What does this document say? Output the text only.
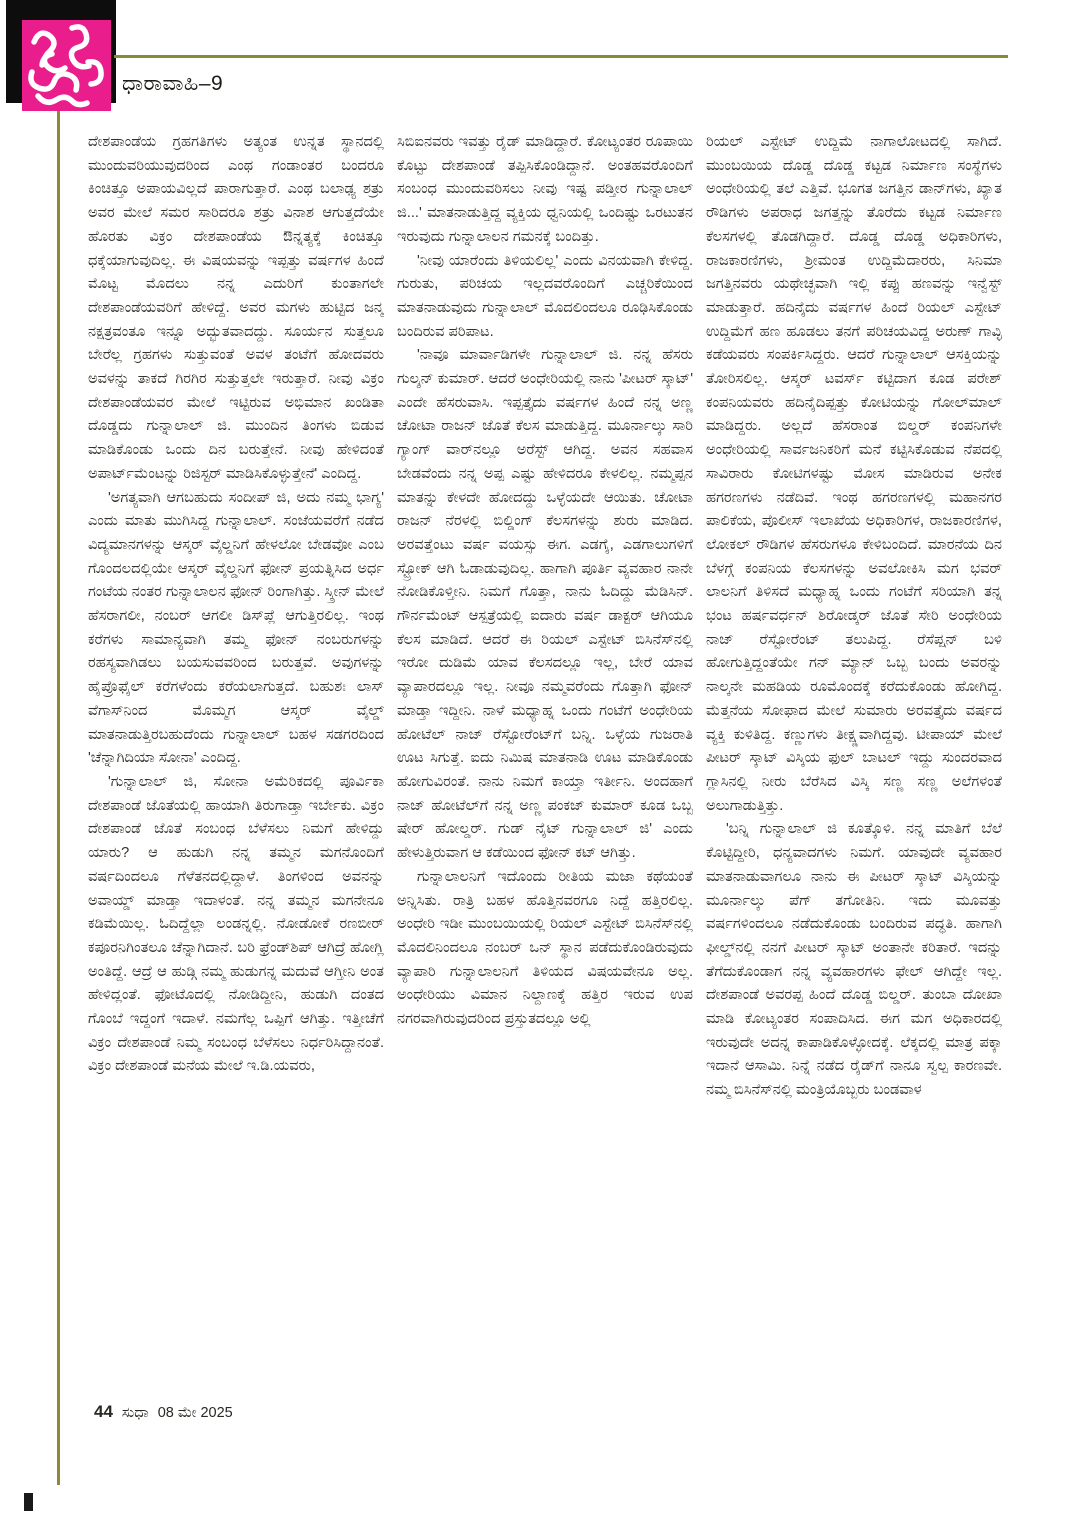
ಧಾರಾವಾಹಿ–9

ದೇಶಪಾಂಡೆಯ ಗ್ರಹಗತಿಗಳು ಅತ್ಯಂತ ಉನ್ನತ ಸ್ಥಾನದಲ್ಲಿ ಮುಂದುವರಿಯುವುದರಿಂದ ಎಂಥ ಗಂಡಾಂತರ ಬಂದರೂ ಕಿಂಚಿತ್ತೂ ಅಪಾಯವಿಲ್ಲದೆ ಪಾರಾಗುತ್ತಾರೆ. ಎಂಥ ಬಲಾಢ್ಯ ಶತ್ರು ಅವರ ಮೇಲೆ ಸಮರ ಸಾರಿದರೂ ಶತ್ರು ವಿನಾಶ ಆಗುತ್ತದೆಯೇ ಹೊರತು ವಿಕ್ರಂ ದೇಶಪಾಂಡೆಯ ಔನ್ನತ್ಯಕ್ಕೆ ಕಿಂಚಿತ್ತೂ ಧಕ್ಕೆಯಾಗುವುದಿಲ್ಲ. ಈ ವಿಷಯವನ್ನು ಇಪ್ಪತ್ತು ವರ್ಷಗಳ ಹಿಂದೆ ಮೊಟ್ಟ ಮೊದಲು ನನ್ನ ಎದುರಿಗೆ ಕುಂತಾಗಲೇ ದೇಶಪಾಂಡೆಯವರಿಗೆ ಹೇಳಿದ್ದೆ. ಅವರ ಮಗಳು ಹುಟ್ಟಿದ ಜನ್ಮ ನಕ್ಷತ್ರವಂತೂ ಇನ್ನೂ ಅದ್ಭುತವಾದದ್ದು. ಸೂರ್ಯನ ಸುತ್ತಲೂ ಬೇರೆಲ್ಲ ಗ್ರಹಗಳು ಸುತ್ತುವಂತೆ ಅವಳ ತಂಟೆಗೆ ಹೋದವರು ಅವಳನ್ನು ತಾಕದೆ ಗಿರಗಿರ ಸುತ್ತುತ್ತಲೇ ಇರುತ್ತಾರೆ. ನೀವು ವಿಕ್ರಂ ದೇಶಪಾಂಡೆಯವರ ಮೇಲೆ ಇಟ್ಟಿರುವ ಅಭಿಮಾನ ಖಂಡಿತಾ ದೊಡ್ಡದು ಗುನ್ನಾಲಾಲ್ ಜಿ. ಮುಂದಿನ ತಿಂಗಳು ಬಿಡುವ ಮಾಡಿಕೊಂಡು ಒಂದು ದಿನ ಬರುತ್ತೇನೆ. ನೀವು ಹೇಳಿದಂತೆ ಅಪಾರ್ಟ್‌ಮೆಂಟನ್ನು ರಿಜಿಸ್ಟರ್ ಮಾಡಿಸಿಕೊಳ್ಳುತ್ತೇನೆ' ಎಂದಿದ್ದ.

'ಅಗತ್ಯವಾಗಿ ಆಗಬಹುದು ಸಂದೀಪ್ ಜಿ, ಅದು ನಮ್ಮ ಭಾಗ್ಯ' ಎಂದು ಮಾತು ಮುಗಿಸಿದ್ದ ಗುನ್ನಾಲಾಲ್. ಸಂಜೆಯವರೆಗೆ ನಡೆದ ವಿದ್ಯಮಾನಗಳನ್ನು ಆಸ್ಕರ್ ವೈಲ್ಡನಿಗೆ ಹೇಳಲೋ ಬೇಡವೋ ಎಂಬ ಗೊಂದಲದಲ್ಲಿಯೇ ಆಸ್ಕರ್ ವೈಲ್ಡನಿಗೆ ಫೋನ್ ಪ್ರಯತ್ನಿಸಿದ ಅರ್ಧ ಗಂಟೆಯ ನಂತರ ಗುನ್ನಾಲಾಲನ ಫೋನ್ ರಿಂಗಾಗಿತ್ತು. ಸ್ಕ್ರೀನ್ ಮೇಲೆ ಹೆಸರಾಗಲೀ, ನಂಬರ್ ಆಗಲೀ ಡಿಸ್‌ಪ್ಲೆ ಆಗುತ್ತಿರಲಿಲ್ಲ. ಇಂಥ ಕರೆಗಳು ಸಾಮಾನ್ಯವಾಗಿ ತಮ್ಮ ಫೋನ್ ನಂಬರುಗಳನ್ನು ರಹಸ್ಯವಾಗಿಡಲು ಬಯಸುವವರಿಂದ ಬರುತ್ತವೆ. ಅವುಗಳನ್ನು ಹೈಪ್ರೊಫೈಲ್ ಕರೆಗಳೆಂದು ಕರೆಯಲಾಗುತ್ತದೆ. ಬಹುಶಃ ಲಾಸ್ ವೆಗಾಸ್‌ನಿಂದ ಮೊಮ್ಮಗ ಆಸ್ಕರ್ ವೈಲ್ಡ್ ಮಾತನಾಡುತ್ತಿರಬಹುದೆಂದು ಗುನ್ನಾಲಾಲ್ ಬಹಳ ಸಡಗರದಿಂದ 'ಚೆನ್ನಾಗಿದಿಯಾ ಸೋನಾ' ಎಂದಿದ್ದ.

'ಗುನ್ನಾಲಾಲ್ ಜಿ, ಸೋನಾ ಅಮೆರಿಕದಲ್ಲಿ ಪೂರ್ವಿಕಾ ದೇಶಪಾಂಡೆ ಜೊತೆಯಲ್ಲಿ ಹಾಯಾಗಿ ತಿರುಗಾಡ್ತಾ ಇರ್ಬೇಕು. ವಿಕ್ರಂ ದೇಶಪಾಂಡೆ ಜೊತೆ ಸಂಬಂಧ ಬೆಳೆಸಲು ನಿಮಗೆ ಹೇಳಿದ್ದು ಯಾರು? ಆ ಹುಡುಗಿ ನನ್ನ ತಮ್ಮನ ಮಗನೊಂದಿಗೆ ವರ್ಷದಿಂದಲೂ ಗೆಳೆತನದಲ್ಲಿದ್ದಾಳೆ. ತಿಂಗಳಿಂದ ಅವನನ್ನು ಅವಾಯ್ಡ್ ಮಾಡ್ತಾ ಇದಾಳಂತೆ. ನನ್ನ ತಮ್ಮನ ಮಗನೇನೂ ಕಡಿಮೆಯಿಲ್ಲ. ಓದಿದ್ದೆಲ್ಲಾ ಲಂಡನ್ನಲ್ಲಿ. ನೋಡೋಕೆ ರಣಬೀರ್ ಕಪೂರನಿಗಿಂತಲೂ ಚೆನ್ನಾಗಿದಾನೆ. ಬರಿ ಫ್ರೆಂಡ್‌ಶಿಪ್ ಆಗಿದ್ರೆ ಹೋಗ್ಲಿ ಅಂತಿದ್ದೆ. ಆದ್ರೆ ಆ ಹುಡ್ಗಿ ನಮ್ಮ ಹುಡುಗನ್ನ ಮದುವೆ ಆಗ್ತೀನಿ ಅಂತ ಹೇಳಿದ್ಲಂತೆ. ಫೋಟೊದಲ್ಲಿ ನೋಡಿದ್ದೀನಿ, ಹುಡುಗಿ ದಂತದ ಗೊಂಬೆ ಇದ್ದಂಗೆ ಇದಾಳೆ. ನಮಗೆಲ್ಲ ಒಪ್ಪಿಗೆ ಆಗಿತ್ತು. ಇತ್ತೀಚೆಗೆ ವಿಕ್ರಂ ದೇಶಪಾಂಡೆ ನಿಮ್ಮ ಸಂಬಂಧ ಬೆಳೆಸಲು ನಿರ್ಧರಿಸಿದ್ದಾನಂತೆ. ವಿಕ್ರಂ ದೇಶಪಾಂಡೆ ಮನೆಯ ಮೇಲೆ ಇ.ಡಿ.ಯವರು,

ಸಿಬಿಐನವರು ಇವತ್ತು ರೈಡ್ ಮಾಡಿದ್ದಾರೆ. ಕೋಟ್ಯಂತರ ರೂಪಾಯಿ ಕೊಟ್ಟು ದೇಶಪಾಂಡೆ ತಪ್ಪಿಸಿಕೊಂಡಿದ್ದಾನೆ. ಅಂತಹವರೊಂದಿಗೆ ಸಂಬಂಧ ಮುಂದುವರಿಸಲು ನೀವು ಇಷ್ಟ ಪಡ್ತೀರ ಗುನ್ನಾಲಾಲ್ ಜಿ...' ಮಾತನಾಡುತ್ತಿದ್ದ ವ್ಯಕ್ತಿಯ ಧ್ವನಿಯಲ್ಲಿ ಒಂದಿಷ್ಟು ಒರಟುತನ ಇರುವುದು ಗುನ್ನಾಲಾಲನ ಗಮನಕ್ಕೆ ಬಂದಿತ್ತು.

'ನೀವು ಯಾರೆಂದು ತಿಳಿಯಲಿಲ್ಲ' ಎಂದು ವಿನಯವಾಗಿ ಕೇಳಿದ್ದ. ಗುರುತು, ಪರಿಚಯ ಇಲ್ಲದವರೊಂದಿಗೆ ಎಚ್ಚರಿಕೆಯಿಂದ ಮಾತನಾಡುವುದು ಗುನ್ನಾಲಾಲ್ ಮೊದಲಿಂದಲೂ ರೂಢಿಸಿಕೊಂಡು ಬಂದಿರುವ ಪರಿಪಾಟ.

'ನಾವೂ ಮಾರ್ವಾಡಿಗಳೇ ಗುನ್ನಾಲಾಲ್ ಜಿ. ನನ್ನ ಹೆಸರು ಗುಲ್ಶನ್ ಕುಮಾರ್. ಆದರೆ ಅಂಧೇರಿಯಲ್ಲಿ ನಾನು 'ಪೀಟರ್ ಸ್ಕಾಟ್' ಎಂದೇ ಹೆಸರುವಾಸಿ. ಇಪ್ಪತ್ತೈದು ವರ್ಷಗಳ ಹಿಂದೆ ನನ್ನ ಅಣ್ಣ ಚೋಟಾ ರಾಜನ್ ಜೊತೆ ಕೆಲಸ ಮಾಡುತ್ತಿದ್ದ. ಮೂರ್ನಾಲ್ಕು ಸಾರಿ ಗ್ಯಾಂಗ್ ವಾರ್‌ನಲ್ಲೂ ಅರೆಸ್ಟ್ ಆಗಿದ್ದ. ಅವನ ಸಹವಾಸ ಬೇಡವೆಂದು ನನ್ನ ಅಪ್ಪ ಎಷ್ಟು ಹೇಳಿದರೂ ಕೇಳಲಿಲ್ಲ. ನಮ್ಮಪ್ಪನ ಮಾತನ್ನು ಕೇಳದೇ ಹೋದದ್ದು ಒಳ್ಳೆಯದೇ ಆಯಿತು. ಚೋಟಾ ರಾಜನ್ ನೆರಳಲ್ಲಿ ಬಿಲ್ಡಿಂಗ್ ಕೆಲಸಗಳನ್ನು ಶುರು ಮಾಡಿದ. ಅರವತ್ತೆಂಟು ವರ್ಷ ವಯಸ್ಸು ಈಗ. ಎಡಗೈ, ಎಡಗಾಲುಗಳಿಗೆ ಸ್ಟ್ರೋಕ್ ಆಗಿ ಓಡಾಡುವುದಿಲ್ಲ. ಹಾಗಾಗಿ ಪೂರ್ತಿ ವ್ಯವಹಾರ ನಾನೇ ನೋಡಿಕೊಳ್ತೀನಿ. ನಿಮಗೆ ಗೊತ್ತಾ, ನಾನು ಓದಿದ್ದು ಮೆಡಿಸಿನ್. ಗೌರ್ನಮೆಂಟ್ ಆಸ್ಪತ್ರೆಯಲ್ಲಿ ಐದಾರು ವರ್ಷ ಡಾಕ್ಟರ್ ಆಗಿಯೂ ಕೆಲಸ ಮಾಡಿದೆ. ಆದರೆ ಈ ರಿಯಲ್ ಎಸ್ಟೇಟ್ ಬಿಸಿನೆಸ್‌ನಲ್ಲಿ ಇರೋ ದುಡಿಮೆ ಯಾವ ಕೆಲಸದಲ್ಲೂ ಇಲ್ಲ, ಬೇರೆ ಯಾವ ವ್ಯಾಪಾರದಲ್ಲೂ ಇಲ್ಲ. ನೀವೂ ನಮ್ಮವರೆಂದು ಗೊತ್ತಾಗಿ ಫೋನ್ ಮಾಡ್ತಾ ಇದ್ದೀನಿ. ನಾಳೆ ಮಧ್ಯಾಹ್ನ ಒಂದು ಗಂಟೆಗೆ ಅಂಧೇರಿಯ ಹೋಟೆಲ್ ನಾಜ್ ರೆಸ್ಟೋರೆಂಟ್‌ಗೆ ಬನ್ನಿ. ಒಳ್ಳೆಯ ಗುಜರಾತಿ ಊಟ ಸಿಗುತ್ತೆ. ಐದು ನಿಮಿಷ ಮಾತನಾಡಿ ಊಟ ಮಾಡಿಕೊಂಡು ಹೋಗುವಿರಂತೆ. ನಾನು ನಿಮಗೆ ಕಾಯ್ತಾ ಇರ್ತೀನಿ. ಅಂದಹಾಗೆ ನಾಜ್ ಹೋಟೆಲ್‌ಗೆ ನನ್ನ ಅಣ್ಣ ಪಂಕಜ್ ಕುಮಾರ್ ಕೂಡ ಒಬ್ಬ ಷೇರ್ ಹೋಲ್ಡರ್. ಗುಡ್ ನೈಟ್ ಗುನ್ನಾಲಾಲ್ ಜಿ' ಎಂದು ಹೇಳುತ್ತಿರುವಾಗ ಆ ಕಡೆಯಿಂದ ಫೋನ್ ಕಟ್ ಆಗಿತ್ತು.

ಗುನ್ನಾಲಾಲನಿಗೆ ಇದೊಂದು ರೀತಿಯ ಮಜಾ ಕಥೆಯಂತೆ ಅನ್ನಿಸಿತು. ರಾತ್ರಿ ಬಹಳ ಹೊತ್ತಿನವರಗೂ ನಿದ್ದೆ ಹತ್ತಿರಲಿಲ್ಲ. ಅಂಧೇರಿ ಇಡೀ ಮುಂಬಯಿಯಲ್ಲಿ ರಿಯಲ್ ಎಸ್ಟೇಟ್ ಬಿಸಿನೆಸ್‌ನಲ್ಲಿ ಮೊದಲಿನಿಂದಲೂ ನಂಬರ್ ಒನ್ ಸ್ಥಾನ ಪಡೆದುಕೊಂಡಿರುವುದು ವ್ಯಾಪಾರಿ ಗುನ್ನಾಲಾಲನಿಗೆ ತಿಳಿಯದ ವಿಷಯವೇನೂ ಅಲ್ಲ. ಅಂಧೇರಿಯು ವಿಮಾನ ನಿಲ್ದಾಣಕ್ಕೆ ಹತ್ತಿರ ಇರುವ ಉಪ ನಗರವಾಗಿರುವುದರಿಂದ ಪ್ರಸ್ತುತದಲ್ಲೂ ಅಲ್ಲಿ

ರಿಯಲ್ ಎಸ್ಟೇಟ್ ಉದ್ದಿಮೆ ನಾಗಾಲೋಟದಲ್ಲಿ ಸಾಗಿದೆ. ಮುಂಬಯಿಯ ದೊಡ್ಡ ದೊಡ್ಡ ಕಟ್ಟಡ ನಿರ್ಮಾಣ ಸಂಸ್ಥೆಗಳು ಅಂಧೇರಿಯಲ್ಲಿ ತಲೆ ಎತ್ತಿವೆ. ಭೂಗತ ಜಗತ್ತಿನ ಡಾನ್‌ಗಳು, ಖ್ಯಾತ ರೌಡಿಗಳು ಅಪರಾಧ ಜಗತ್ತನ್ನು ತೊರೆದು ಕಟ್ಟಡ ನಿರ್ಮಾಣ ಕೆಲಸಗಳಲ್ಲಿ ತೊಡಗಿದ್ದಾರೆ. ದೊಡ್ಡ ದೊಡ್ಡ ಅಧಿಕಾರಿಗಳು, ರಾಜಕಾರಣಿಗಳು, ಶ್ರೀಮಂತ ಉದ್ದಿಮೆದಾರರು, ಸಿನಿಮಾ ಜಗತ್ತಿನವರು ಯಥೇಚ್ಛವಾಗಿ ಇಲ್ಲಿ ಕಪ್ಪು ಹಣವನ್ನು ಇನ್ವೆಸ್ಟ್ ಮಾಡುತ್ತಾರೆ. ಹದಿನೈದು ವರ್ಷಗಳ ಹಿಂದೆ ರಿಯಲ್ ಎಸ್ಟೇಟ್ ಉದ್ದಿಮೆಗೆ ಹಣ ಹೂಡಲು ತನಗೆ ಪರಿಚಯವಿದ್ದ ಅರುಣ್ ಗಾವ್ಳಿ ಕಡೆಯವರು ಸಂಪರ್ಕಿಸಿದ್ದರು. ಆದರೆ ಗುನ್ನಾಲಾಲ್ ಆಸಕ್ತಿಯನ್ನು ತೋರಿಸಲಿಲ್ಲ. ಆಸ್ಕರ್ ಟವರ್ಸ್ ಕಟ್ಟಿದಾಗ ಕೂಡ ಪರೇಶ್ ಕಂಪನಿಯವರು ಹದಿನೈದಿಪ್ಪತ್ತು ಕೋಟಿಯನ್ನು ಗೋಲ್‌ಮಾಲ್ ಮಾಡಿದ್ದರು. ಅಲ್ಲದೆ ಹೆಸರಾಂತ ಬಿಲ್ಡರ್ ಕಂಪನಿಗಳೇ ಅಂಧೇರಿಯಲ್ಲಿ ಸಾರ್ವಜನಿಕರಿಗೆ ಮನೆ ಕಟ್ಟಿಸಿಕೊಡುವ ನೆಪದಲ್ಲಿ ಸಾವಿರಾರು ಕೋಟಿಗಳಷ್ಟು ಮೋಸ ಮಾಡಿರುವ ಅನೇಕ ಹಗರಣಗಳು ನಡೆದಿವೆ. ಇಂಥ ಹಗರಣಗಳಲ್ಲಿ ಮಹಾನಗರ ಪಾಲಿಕೆಯ, ಪೊಲೀಸ್ ಇಲಾಖೆಯ ಅಧಿಕಾರಿಗಳ, ರಾಜಕಾರಣಿಗಳ, ಲೋಕಲ್ ರೌಡಿಗಳ ಹೆಸರುಗಳೂ ಕೇಳಿಬಂದಿದೆ. ಮಾರನೆಯ ದಿನ ಬೆಳಗ್ಗೆ ಕಂಪನಿಯ ಕೆಲಸಗಳನ್ನು ಅವಲೋಕಿಸಿ ಮಗ ಭವರ್ ಲಾಲನಿಗೆ ತಿಳಿಸದೆ ಮಧ್ಯಾಹ್ನ ಒಂದು ಗಂಟೆಗೆ ಸರಿಯಾಗಿ ತನ್ನ ಭಂಟ ಹರ್ಷವರ್ಧನ್ ಶಿರೋಡ್ಕರ್ ಜೊತೆ ಸೇರಿ ಅಂಧೇರಿಯ ನಾಜ್ ರೆಸ್ಟೋರೆಂಟ್ ತಲುಪಿದ್ದ. ರೆಸೆಪ್ಷನ್ ಬಳಿ ಹೋಗುತ್ತಿದ್ದಂತೆಯೇ ಗನ್ ಮ್ಯಾನ್ ಒಬ್ಬ ಬಂದು ಅವರನ್ನು ನಾಲ್ಕನೇ ಮಹಡಿಯ ರೂಮೊಂದಕ್ಕೆ ಕರೆದುಕೊಂಡು ಹೋಗಿದ್ದ. ಮೆತ್ತನೆಯ ಸೋಫಾದ ಮೇಲೆ ಸುಮಾರು ಅರವತ್ತೈದು ವರ್ಷದ ವ್ಯಕ್ತಿ ಕುಳಿತಿದ್ದ. ಕಣ್ಣುಗಳು ತೀಕ್ಷ್ಣವಾಗಿದ್ದವು. ಟೀಪಾಯ್ ಮೇಲೆ ಪೀಟರ್ ಸ್ಕಾಟ್ ವಿಸ್ಕಿಯ ಫುಲ್ ಬಾಟಲ್ ಇದ್ದು ಸುಂದರವಾದ ಗ್ಲಾಸಿನಲ್ಲಿ ನೀರು ಬೆರೆಸಿದ ವಿಸ್ಕಿ ಸಣ್ಣ ಸಣ್ಣ ಅಲೆಗಳಂತೆ ಅಲುಗಾಡುತ್ತಿತ್ತು.

'ಬನ್ನಿ ಗುನ್ನಾಲಾಲ್ ಜಿ ಕೂತ್ಕೊಳಿ. ನನ್ನ ಮಾತಿಗೆ ಬೆಲೆ ಕೊಟ್ಟಿದ್ದೀರಿ, ಧನ್ಯವಾದಗಳು ನಿಮಗೆ. ಯಾವುದೇ ವ್ಯವಹಾರ ಮಾತನಾಡುವಾಗಲೂ ನಾನು ಈ ಪೀಟರ್ ಸ್ಕಾಟ್ ವಿಸ್ಕಿಯನ್ನು ಮೂರ್ನಾಲ್ಕು ಪೆಗ್ ತಗೋತಿನಿ. ಇದು ಮೂವತ್ತು ವರ್ಷಗಳಿಂದಲೂ ನಡೆದುಕೊಂಡು ಬಂದಿರುವ ಪದ್ಧತಿ. ಹಾಗಾಗಿ ಫೀಲ್ಡ್‌ನಲ್ಲಿ ನನಗೆ ಪೀಟರ್ ಸ್ಕಾಟ್ ಅಂತಾನೇ ಕರಿತಾರೆ. ಇದನ್ನು ತೆಗೆದುಕೊಂಡಾಗ ನನ್ನ ವ್ಯವಹಾರಗಳು ಫೇಲ್ ಆಗಿದ್ದೇ ಇಲ್ಲ. ದೇಶಪಾಂಡೆ ಅವರಪ್ಪ ಹಿಂದೆ ದೊಡ್ಡ ಬಿಲ್ಡರ್. ತುಂಬಾ ದೋಖಾ ಮಾಡಿ ಕೋಟ್ಯಂತರ ಸಂಪಾದಿಸಿದ. ಈಗ ಮಗ ಅಧಿಕಾರದಲ್ಲಿ ಇರುವುದೇ ಅದನ್ನ ಕಾಪಾಡಿಕೊಳ್ಳೋದಕ್ಕೆ. ಲೆಕ್ಕದಲ್ಲಿ ಮಾತ್ರ ಪಕ್ಕಾ ಇದಾನೆ ಆಸಾಮಿ. ನಿನ್ನೆ ನಡೆದ ರೈಡ್‌ಗೆ ನಾನೂ ಸ್ವಲ್ಪ ಕಾರಣವೇ. ನಮ್ಮ ಬಿಸಿನೆಸ್‌ನಲ್ಲಿ ಮಂತ್ರಿಯೊಬ್ಬರು ಬಂಡವಾಳ

44 ಸುಧಾ 08 ಮೇ 2025
